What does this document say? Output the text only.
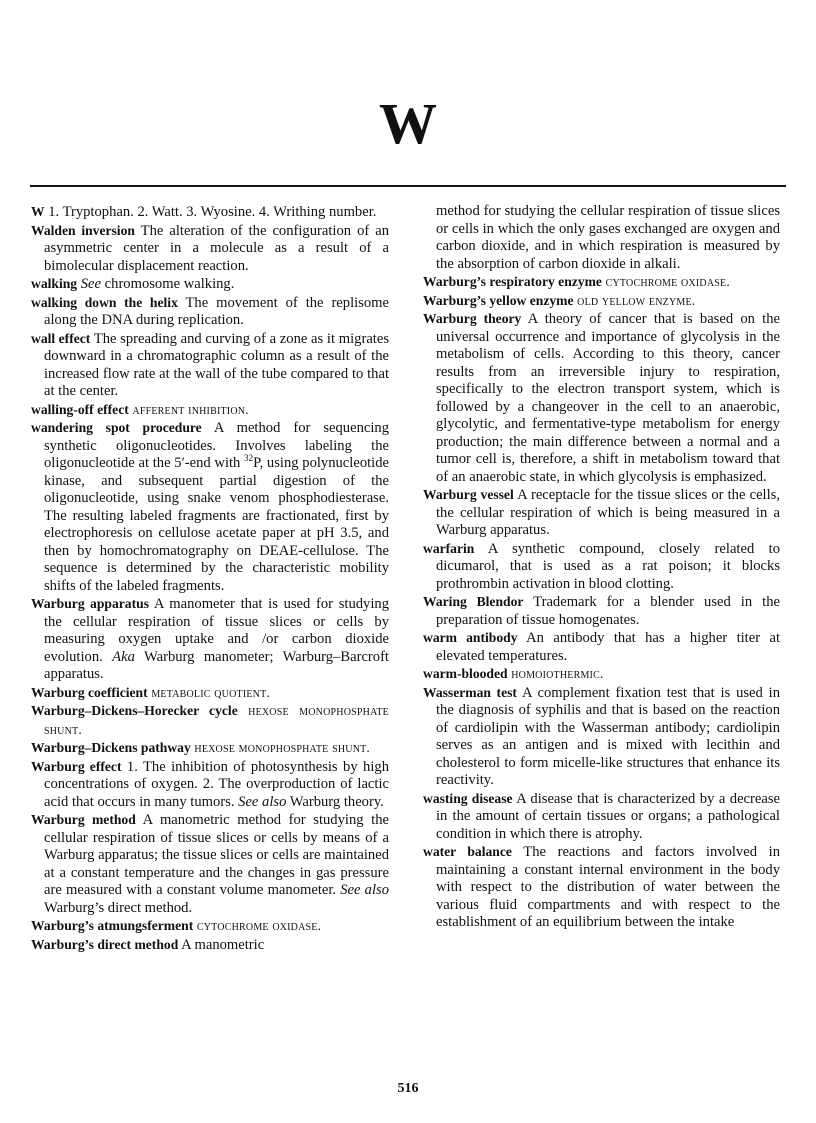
W

W 1. Tryptophan. 2. Watt. 3. Wyosine. 4. Writhing number.

Walden inversion The alteration of the configuration of an asymmetric center in a molecule as a result of a bimolecular displacement reaction.

walking See chromosome walking.

walking down the helix The movement of the replisome along the DNA during replication.

wall effect The spreading and curving of a zone as it migrates downward in a chromatographic column as a result of the increased flow rate at the wall of the tube compared to that at the center.

walling-off effect afferent inhibition.

wandering spot procedure A method for sequencing synthetic oligonucleotides. Involves labeling the oligonucleotide at the 5′-end with $^{32}$P, using polynucleotide kinase, and subsequent partial digestion of the oligonucleotide, using snake venom phosphodiesterase. The resulting labeled fragments are fractionated, first by electrophoresis on cellulose acetate paper at pH 3.5, and then by homochromatography on DEAE-cellulose. The sequence is determined by the characteristic mobility shifts of the labeled fragments.

Warburg apparatus A manometer that is used for studying the cellular respiration of tissue slices or cells by measuring oxygen uptake and /or carbon dioxide evolution. Aka Warburg manometer; Warburg–Barcroft apparatus.

Warburg coefficient metabolic quotient.

Warburg–Dickens–Horecker cycle hexose monophosphate shunt.

Warburg–Dickens pathway hexose monophosphate shunt.

Warburg effect 1. The inhibition of photosynthesis by high concentrations of oxygen. 2. The overproduction of lactic acid that occurs in many tumors. See also Warburg theory.

Warburg method A manometric method for studying the cellular respiration of tissue slices or cells by means of a Warburg apparatus; the tissue slices or cells are maintained at a constant temperature and the changes in gas pressure are measured with a constant volume manometer. See also Warburg’s direct method.

Warburg’s atmungsferment cytochrome oxidase.

Warburg’s direct method A manometric

method for studying the cellular respiration of tissue slices or cells in which the only gases exchanged are oxygen and carbon dioxide, and in which respiration is measured by the absorption of carbon dioxide in alkali.

Warburg’s respiratory enzyme cytochrome oxidase.

Warburg’s yellow enzyme old yellow enzyme.

Warburg theory A theory of cancer that is based on the universal occurrence and importance of glycolysis in the metabolism of cells. According to this theory, cancer results from an irreversible injury to respiration, specifically to the electron transport system, which is followed by a changeover in the cell to an anaerobic, glycolytic, and fermentative-type metabolism for energy production; the main difference between a normal and a tumor cell is, therefore, a shift in metabolism toward that of an anaerobic state, in which glycolysis is emphasized.

Warburg vessel A receptacle for the tissue slices or the cells, the cellular respiration of which is being measured in a Warburg apparatus.

warfarin A synthetic compound, closely related to dicumarol, that is used as a rat poison; it blocks prothrombin activation in blood clotting.

Waring Blendor Trademark for a blender used in the preparation of tissue homogenates.

warm antibody An antibody that has a higher titer at elevated temperatures.

warm-blooded homoiothermic.

Wasserman test A complement fixation test that is used in the diagnosis of syphilis and that is based on the reaction of cardiolipin with the Wasserman antibody; cardiolipin serves as an antigen and is mixed with lecithin and cholesterol to form micelle-like structures that enhance its reactivity.

wasting disease A disease that is characterized by a decrease in the amount of certain tissues or organs; a pathological condition in which there is atrophy.

water balance The reactions and factors involved in maintaining a constant internal environment in the body with respect to the distribution of water between the various fluid compartments and with respect to the establishment of an equilibrium between the intake

516
